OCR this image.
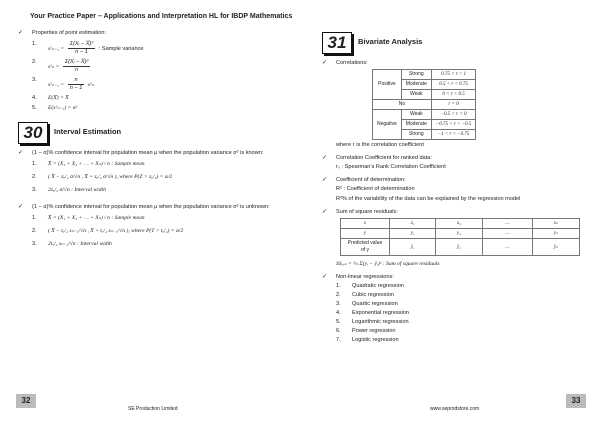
Your Practice Paper – Applications and Interpretation HL for IBDP Mathematics
✓ Properties of point estimation:
1.
$s^2_{n-1} = \frac{\text{Σ(Xᵢ − X̅)²}}{n - 1}$ : Sample variance
2.
$s^2_n = \frac{\text{Σ(Xᵢ − X̅)²}}{n}$
3.
$s^2_{n-1} = \frac{n}{n - 1} s^2_n$
4. E(X̅) = X̅
5. E(s²ₙ₋₁) = σ²
30	Interval Estimation
✓ (1 − α)% confidence interval for population mean μ when the population variance σ² is known:
1. X̅ = (X₁ + X₂ + … + Xₙ) / n : Sample mean
2. ( X̅ − zₐ/₂ σ/√n , X̅ + zₐ/₂ σ/√n ), where P(Z > zₐ/₂) = α/2
3. 2zₐ/₂ σ/√n : Interval width
✓ (1 − α)% confidence interval for population mean μ when the population variance σ² is unknown:
1. X̅ = (X₁ + X₂ + … + Xₙ) / n : Sample mean
2. ( X̅ − tₐ/₂ sₙ₋₁/√n , X̅ + tₐ/₂ sₙ₋₁/√n ), where P(T > tₐ/₂) = α/2
3. 2tₐ/₂ sₙ₋₁/√n : Interval width
31	Bivariate Analysis
✓ Correlations:
Positive	Strong	0.75 < r < 1
	Moderate	0.5 < r < 0.75
	Weak	0 < r < 0.5
No		r = 0
Negative	Weak	−0.5 < r < 0
	Moderate	−0.75 < r < −0.5
	Strong	−1 < r < −0.75
where r is the correlation coefficient
✓ Correlation Coefficient for ranked data:
rₛ : Spearman’s Rank Correlation Coefficient
✓ Coefficient of determination:
R² : Coefficient of determination
R²% of the variability of the data can be explained by the regression model
✓ Sum of square residuals:
x	x₁	x₂	…	xₙ
y	y₁	y₂	…	yₙ
Predicted value of y	ŷ₁	ŷ₂	…	ŷₙ
SSᵣₑₛ = ¹⁄ₙ Σ(yᵢ − ŷᵢ)² : Sum of square residuals
✓ Non-linear regressions:
1. Quadratic regression
2. Cubic regression
3. Quartic regression
4. Exponential regression
5. Logarithmic regression
6. Power regression
7. Logistic regression
32	33
SE Production Limited	www.seprodstore.com
